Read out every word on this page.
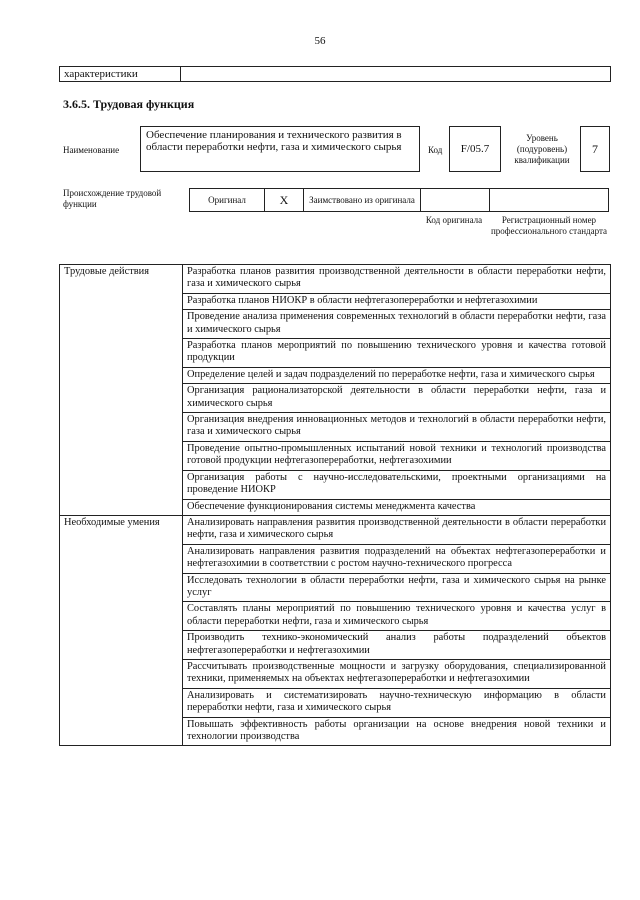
56
характеристики	
3.6.5. Трудовая функция
Наименование
Обеспечение планирования и технического развития в области переработки нефти, газа и химического сырья	Код	F/05.7
Уровень (подуровень) квалификации
7
Происхождение трудовой функции	Оригинал	X	Заимствовано из оригинала		
Код оригинала	Регистрационный номер профессионального стандарта
Трудовые действия	Разработка планов развития производственной деятельности в области переработки нефти, газа и химического сырья
	Разработка планов НИОКР в области нефтегазопереработки и нефтегазохимии
	Проведение анализа применения современных технологий в области переработки нефти, газа и химического сырья
	Разработка планов мероприятий по повышению технического уровня и качества готовой продукции
	Определение целей и задач подразделений по переработке нефти, газа и химического сырья
	Организация рационализаторской деятельности в области переработки нефти, газа и химического сырья
	Организация внедрения инновационных методов и технологий в области переработки нефти, газа и химического сырья
	Проведение опытно-промышленных испытаний новой техники и технологий производства готовой продукции нефтегазопереработки, нефтегазохимии
	Организация работы с научно-исследовательскими, проектными организациями на проведение НИОКР
	Обеспечение функционирования системы менеджмента качества
Необходимые умения	Анализировать направления развития производственной деятельности в области переработки нефти, газа и химического сырья
	Анализировать направления развития подразделений на объектах нефтегазопереработки и нефтегазохимии в соответствии с ростом научно-технического прогресса
	Исследовать технологии в области переработки нефти, газа и химического сырья на рынке услуг
	Составлять планы мероприятий по повышению технического уровня и качества услуг в области переработки нефти, газа и химического сырья
	Производить технико-экономический анализ работы подразделений объектов нефтегазопереработки и нефтегазохимии
	Рассчитывать производственные мощности и загрузку оборудования, специализированной техники, применяемых на объектах нефтегазопереработки и нефтегазохимии
	Анализировать и систематизировать научно-техническую информацию в области переработки нефти, газа и химического сырья
	Повышать эффективность работы организации на основе внедрения новой техники и технологии производства
